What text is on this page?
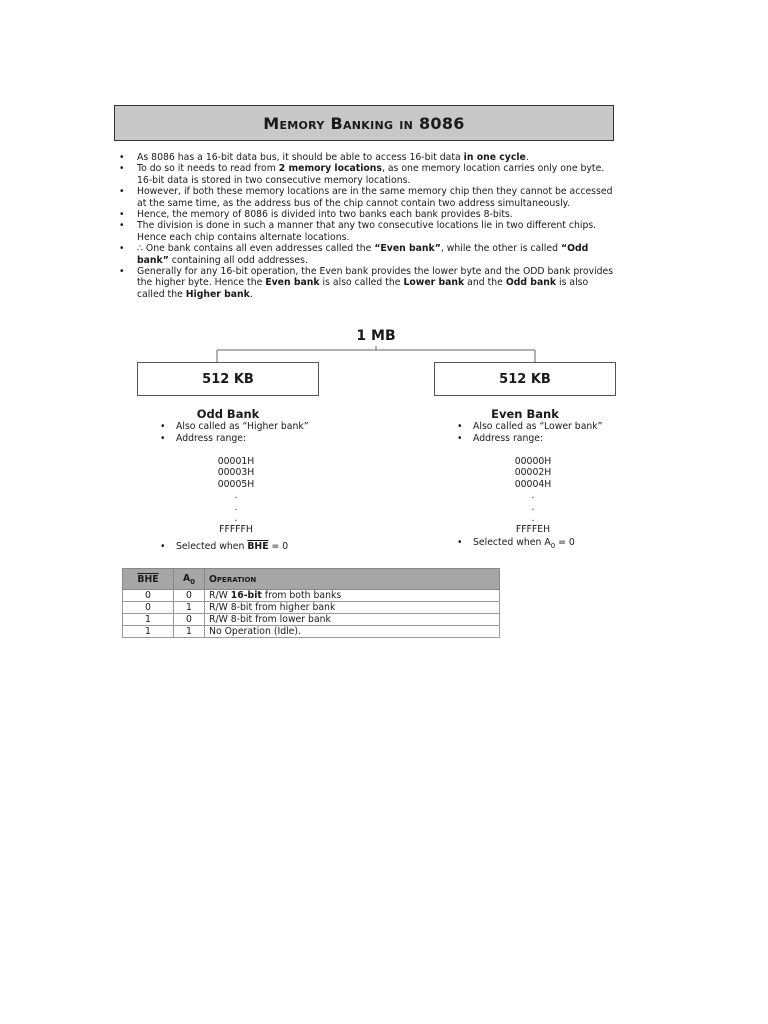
Memory Banking in 8086
• As 8086 has a 16-bit data bus, it should be able to access 16-bit data in one cycle.
• To do so it needs to read from 2 memory locations, as one memory location carries only one byte. 16-bit data is stored in two consecutive memory locations.
• However, if both these memory locations are in the same memory chip then they cannot be accessed at the same time, as the address bus of the chip cannot contain two address simultaneously.
• Hence, the memory of 8086 is divided into two banks each bank provides 8-bits.
• The division is done in such a manner that any two consecutive locations lie in two different chips. Hence each chip contains alternate locations.
• ∴ One bank contains all even addresses called the “Even bank”, while the other is called “Odd bank” containing all odd addresses.
• Generally for any 16-bit operation, the Even bank provides the lower byte and the ODD bank provides the higher byte. Hence the Even bank is also called the Lower bank and the Odd bank is also called the Higher bank.
1 MB
512 KB	512 KB
Odd Bank
• Also called as “Higher bank”
• Address range:
00001H
00003H
00005H
.
.
.
FFFFFH
• Selected when $\overline{BHE} = 0$
Even Bank
• Also called as “Lower bank”
• Address range:
00000H
00002H
00004H
.
.
.
FFFFEH
• Selected when $A_0 = 0$
$\overline{BHE}$	$A_0$	Operation
0	0	R/W 16-bit from both banks
0	1	R/W 8-bit from higher bank
1	0	R/W 8-bit from lower bank
1	1	No Operation (Idle).
